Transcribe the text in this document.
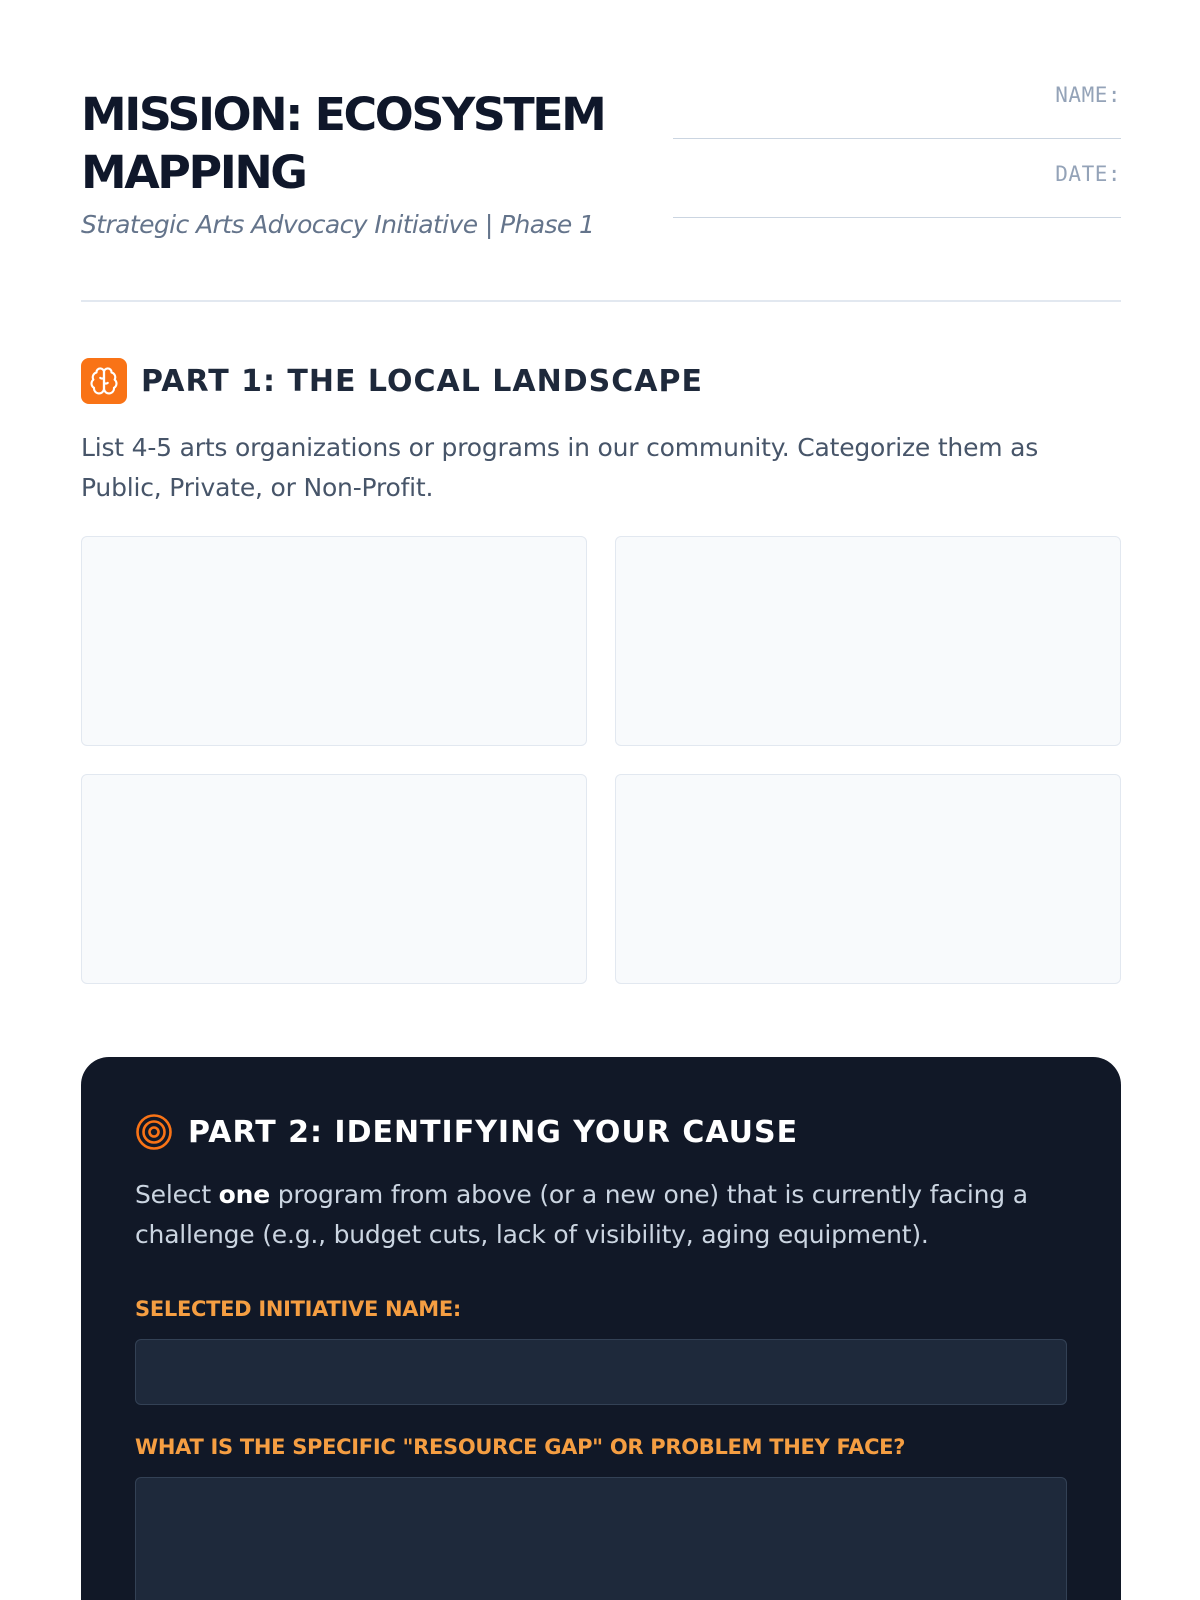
MISSION: ECOSYSTEM MAPPING
Strategic Arts Advocacy Initiative | Phase 1
NAME:
DATE:
PART 1: THE LOCAL LANDSCAPE

List 4-5 arts organizations or programs in our community. Categorize them as Public, Private, or Non-Profit.

PART 2: IDENTIFYING YOUR CAUSE

Select one program from above (or a new one) that is currently facing a challenge (e.g., budget cuts, lack of visibility, aging equipment).

SELECTED INITIATIVE NAME:
WHAT IS THE SPECIFIC "RESOURCE GAP" OR PROBLEM THEY FACE?
